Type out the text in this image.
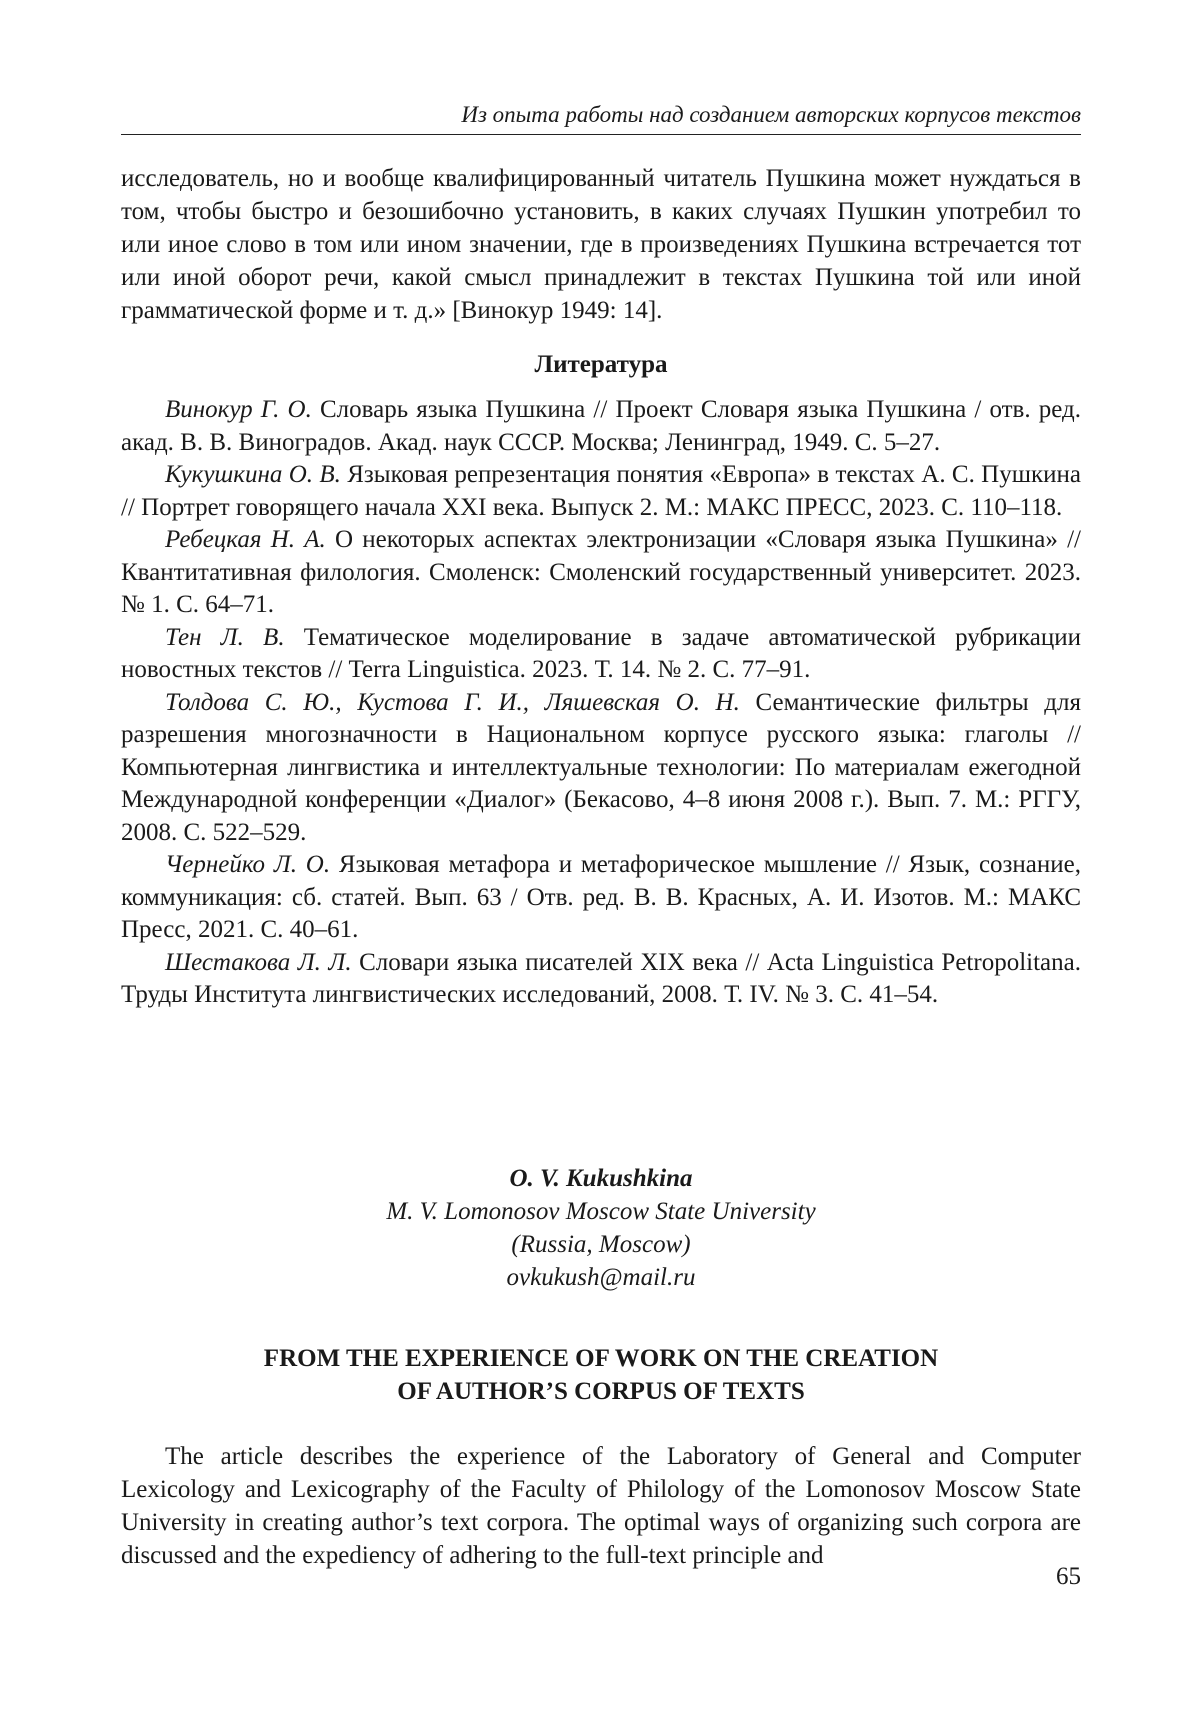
Из опыта работы над созданием авторских корпусов текстов

исследователь, но и вообще квалифицированный читатель Пушкина может нуждаться в том, чтобы быстро и безошибочно установить, в каких случаях Пушкин употребил то или иное слово в том или ином значении, где в произведениях Пушкина встречается тот или иной оборот речи, какой смысл принадлежит в текстах Пушкина той или иной грамматической форме и т. д.» [Винокур 1949: 14].

Литература

Винокур Г. О. Словарь языка Пушкина // Проект Словаря языка Пушкина / отв. ред. акад. В. В. Виноградов. Акад. наук СССР. Москва; Ленинград, 1949. С. 5–27.

Кукушкина О. В. Языковая репрезентация понятия «Европа» в текстах А. С. Пушкина // Портрет говорящего начала XXI века. Выпуск 2. М.: МАКС ПРЕСС, 2023. С. 110–118.

Ребецкая Н. А. О некоторых аспектах электронизации «Словаря языка Пушкина» // Квантитативная филология. Смоленск: Смоленский государственный университет. 2023. № 1. С. 64–71.

Тен Л. В. Тематическое моделирование в задаче автоматической рубрикации новостных текстов // Terra Linguistica. 2023. Т. 14. № 2. С. 77–91.

Толдова С. Ю., Кустова Г. И., Ляшевская О. Н. Семантические фильтры для разрешения многозначности в Национальном корпусе русского языка: глаголы // Компьютерная лингвистика и интеллектуальные технологии: По материалам ежегодной Международной конференции «Диалог» (Бекасово, 4–8 июня 2008 г.). Вып. 7. М.: РГГУ, 2008. С. 522–529.

Чернейко Л. О. Языковая метафора и метафорическое мышление // Язык, сознание, коммуникация: сб. статей. Вып. 63 / Отв. ред. В. В. Красных, А. И. Изотов. М.: МАКС Пресс, 2021. С. 40–61.

Шестакова Л. Л. Словари языка писателей XIX века // Acta Linguistica Petropolitana. Труды Института лингвистических исследований, 2008. Т. IV. № 3. С. 41–54.

O. V. Kukushkina
M. V. Lomonosov Moscow State University
(Russia, Moscow)
ovkukush@mail.ru
FROM THE EXPERIENCE OF WORK ON THE CREATION
OF AUTHOR’S CORPUS OF TEXTS

The article describes the experience of the Laboratory of General and Computer Lexicology and Lexicography of the Faculty of Philology of the Lomonosov Moscow State University in creating author’s text corpora. The optimal ways of organizing such corpora are discussed and the expediency of adhering to the full-text principle and

65
